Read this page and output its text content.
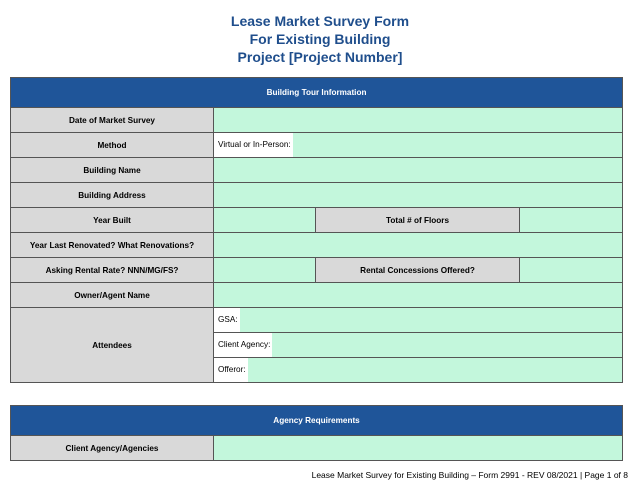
Lease Market Survey Form
For Existing Building
Project [Project Number]
Building Tour Information			
Date of Market Survey			
Method	Virtual or In-Person:		
Building Name			
Building Address			
Year Built		Total # of Floors	
Year Last Renovated? What Renovations?			
Asking Rental Rate? NNN/MG/FS?		Rental Concessions Offered?	
Owner/Agent Name			
Attendees	GSA:		
	Client Agency:		
	Offeror:		
Agency Requirements
Client Agency/Agencies	
Lease Market Survey for Existing Building – Form 2991 - REV 08/2021 | Page 1 of 8
